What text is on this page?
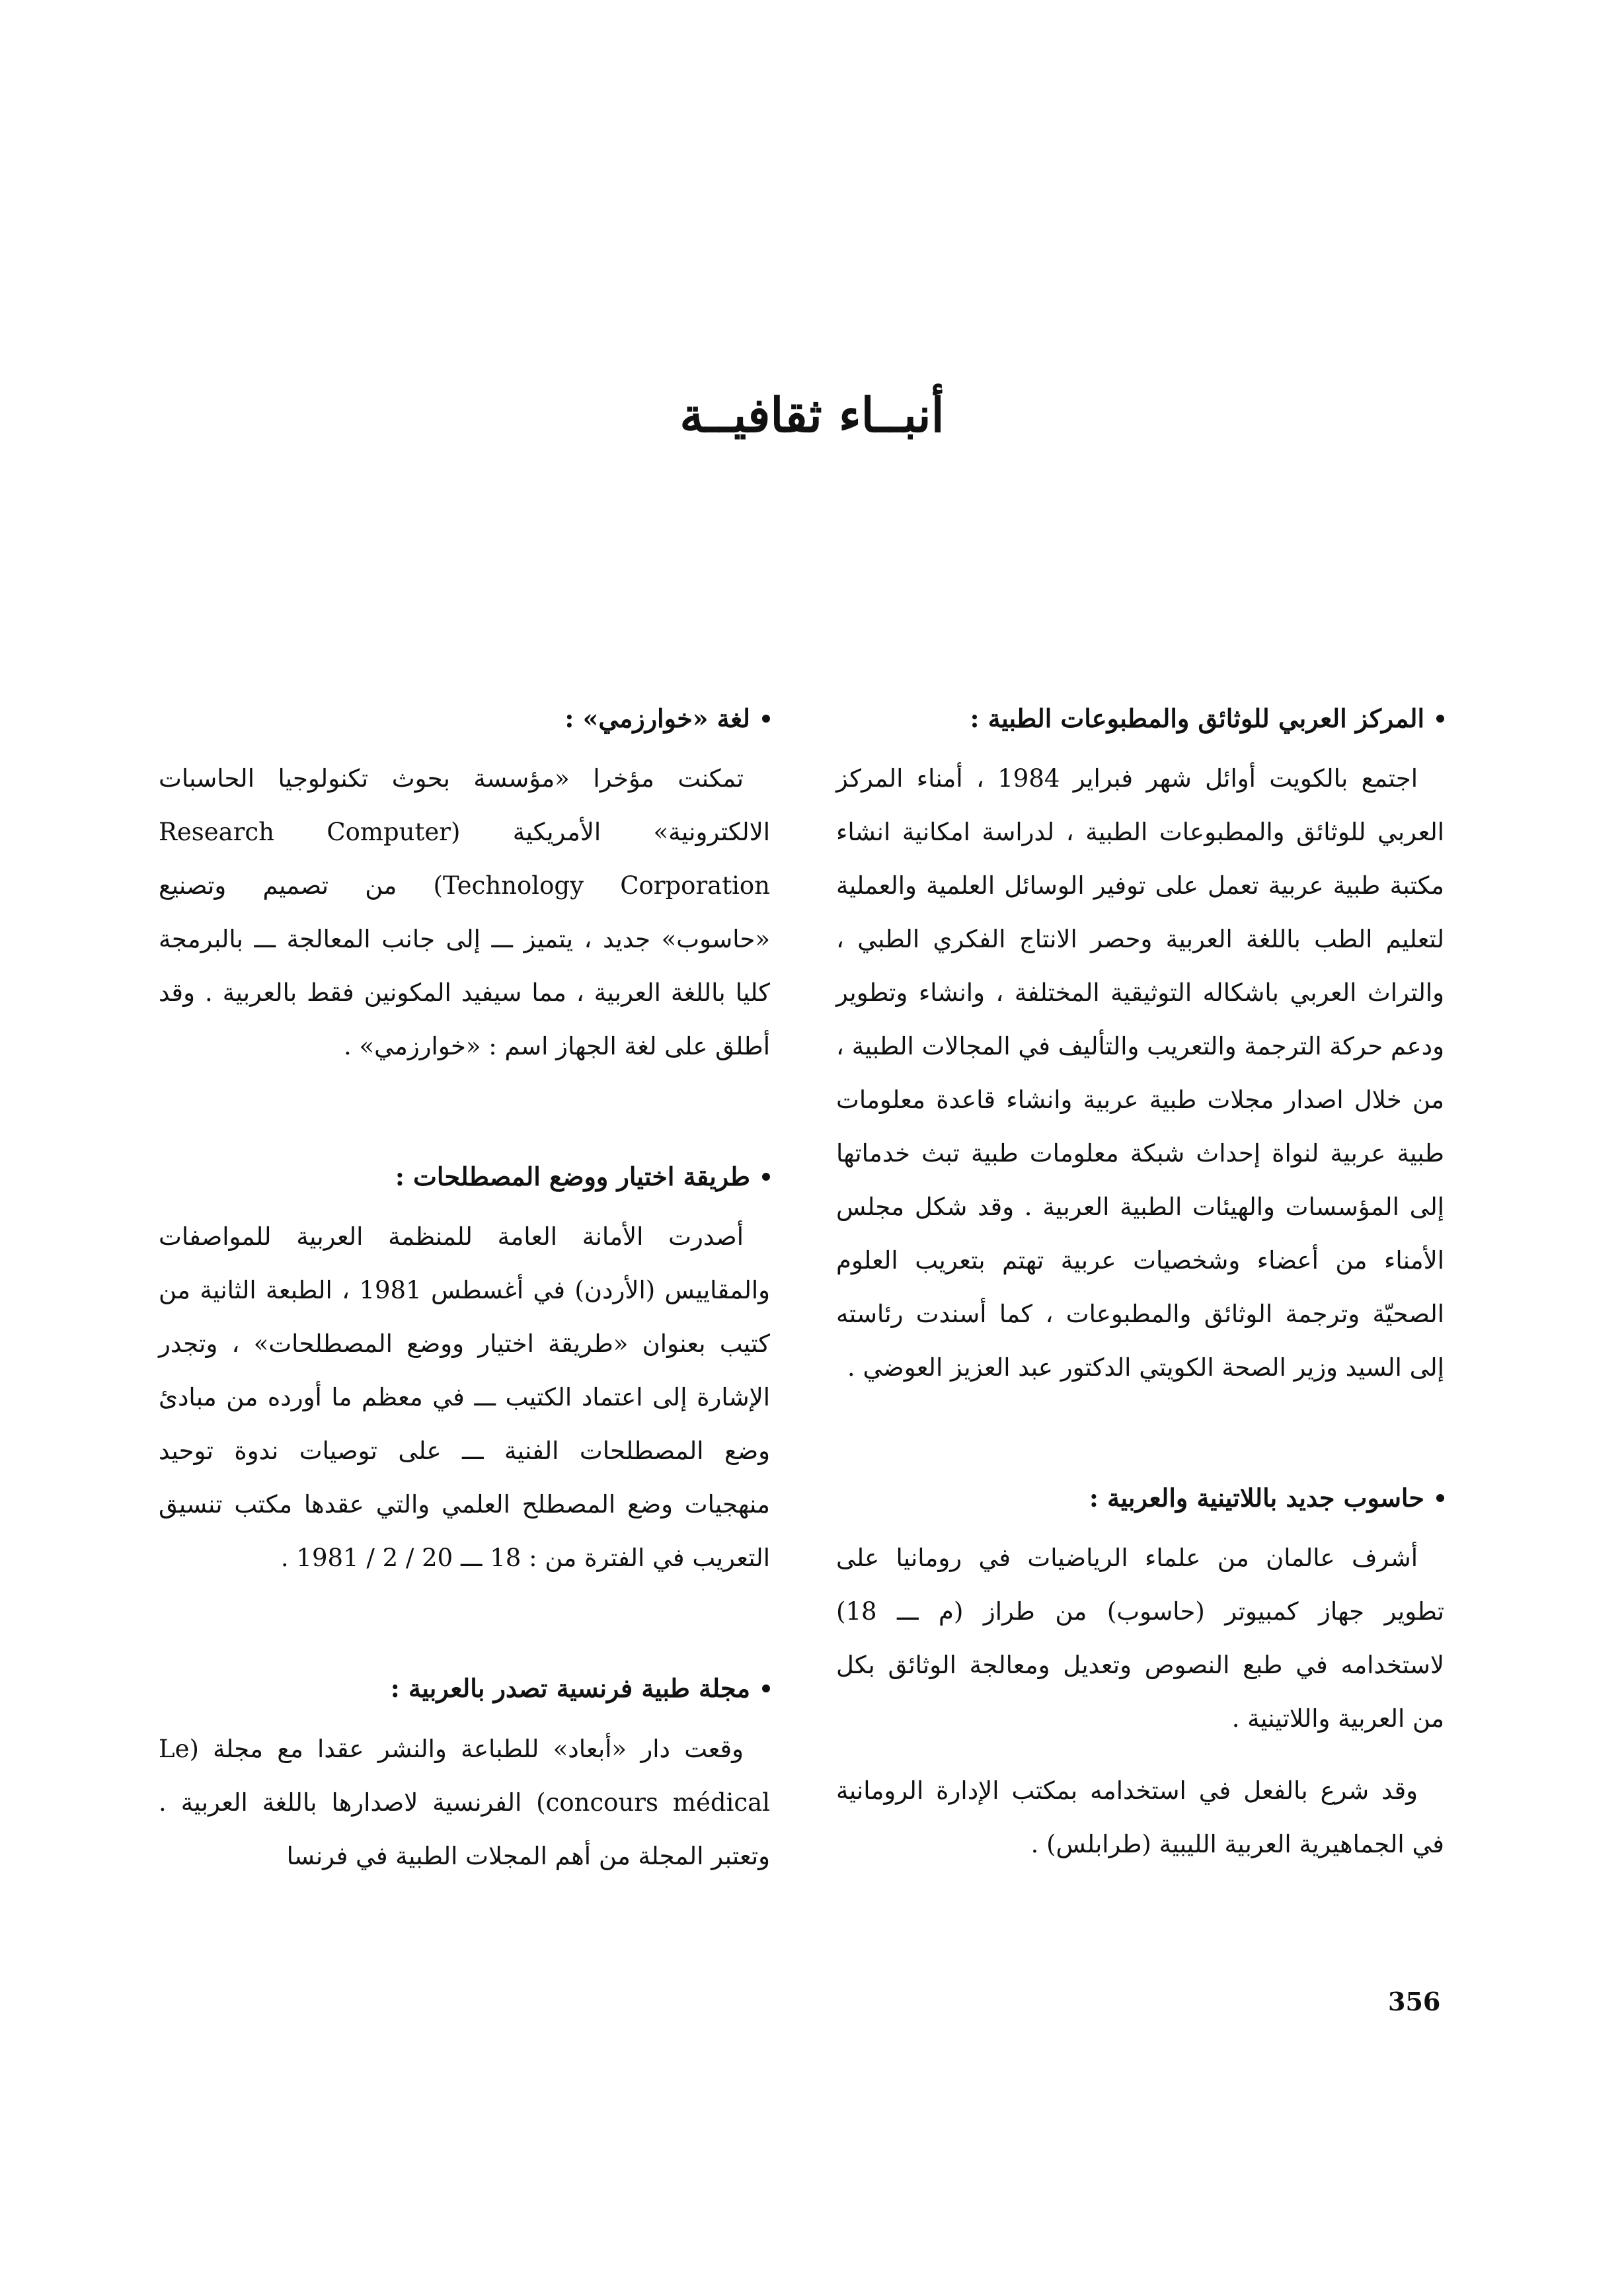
أنبــاء ثقافيــة
المركز العربي للوثائق والمطبوعات الطبية :

اجتمع بالكويت أوائل شهر فبراير 1984 ، أمناء المركز العربي للوثائق والمطبوعات الطبية ، لدراسة امكانية انشاء مكتبة طبية عربية تعمل على توفير الوسائل العلمية والعملية لتعليم الطب باللغة العربية وحصر الانتاج الفكري الطبي ، والتراث العربي باشكاله التوثيقية المختلفة ، وانشاء وتطوير ودعم حركة الترجمة والتعريب والتأليف في المجالات الطبية ، من خلال اصدار مجلات طبية عربية وانشاء قاعدة معلومات طبية عربية لنواة إحداث شبكة معلومات طبية تبث خدماتها إلى المؤسسات والهيئات الطبية العربية . وقد شكل مجلس الأمناء من أعضاء وشخصيات عربية تهتم بتعريب العلوم الصحيّة وترجمة الوثائق والمطبوعات ، كما أسندت رئاسته إلى السيد وزير الصحة الكويتي الدكتور عبد العزيز العوضي .

حاسوب جديد باللاتينية والعربية :

أشرف عالمان من علماء الرياضيات في رومانيا على تطوير جهاز كمبيوتر (حاسوب) من طراز (م ـــ 18) لاستخدامه في طبع النصوص وتعديل ومعالجة الوثائق بكل من العربية واللاتينية .

وقد شرع بالفعل في استخدامه بمكتب الإدارة الرومانية في الجماهيرية العربية الليبية (طرابلس) .

لغة «خوارزمي» :

تمكنت مؤخرا «مؤسسة بحوث تكنولوجيا الحاسبات الالكترونية» الأمريكية (Research Computer Technology Corporation) من تصميم وتصنيع «حاسوب» جديد ، يتميز ـــ إلى جانب المعالجة ـــ بالبرمجة كليا باللغة العربية ، مما سيفيد المكونين فقط بالعربية . وقد أطلق على لغة الجهاز اسم : «خوارزمي» .

طريقة اختيار ووضع المصطلحات :

أصدرت الأمانة العامة للمنظمة العربية للمواصفات والمقاييس (الأردن) في أغسطس 1981 ، الطبعة الثانية من كتيب بعنوان «طريقة اختيار ووضع المصطلحات» ، وتجدر الإشارة إلى اعتماد الكتيب ـــ في معظم ما أورده من مبادئ وضع المصطلحات الفنية ـــ على توصيات ندوة توحيد منهجيات وضع المصطلح العلمي والتي عقدها مكتب تنسيق التعريب في الفترة من : 18 ـــ 20 / 2 / 1981 .

مجلة طبية فرنسية تصدر بالعربية :

وقعت دار «أبعاد» للطباعة والنشر عقدا مع مجلة (Le concours médical) الفرنسية لاصدارها باللغة العربية . وتعتبر المجلة من أهم المجلات الطبية في فرنسا

356
